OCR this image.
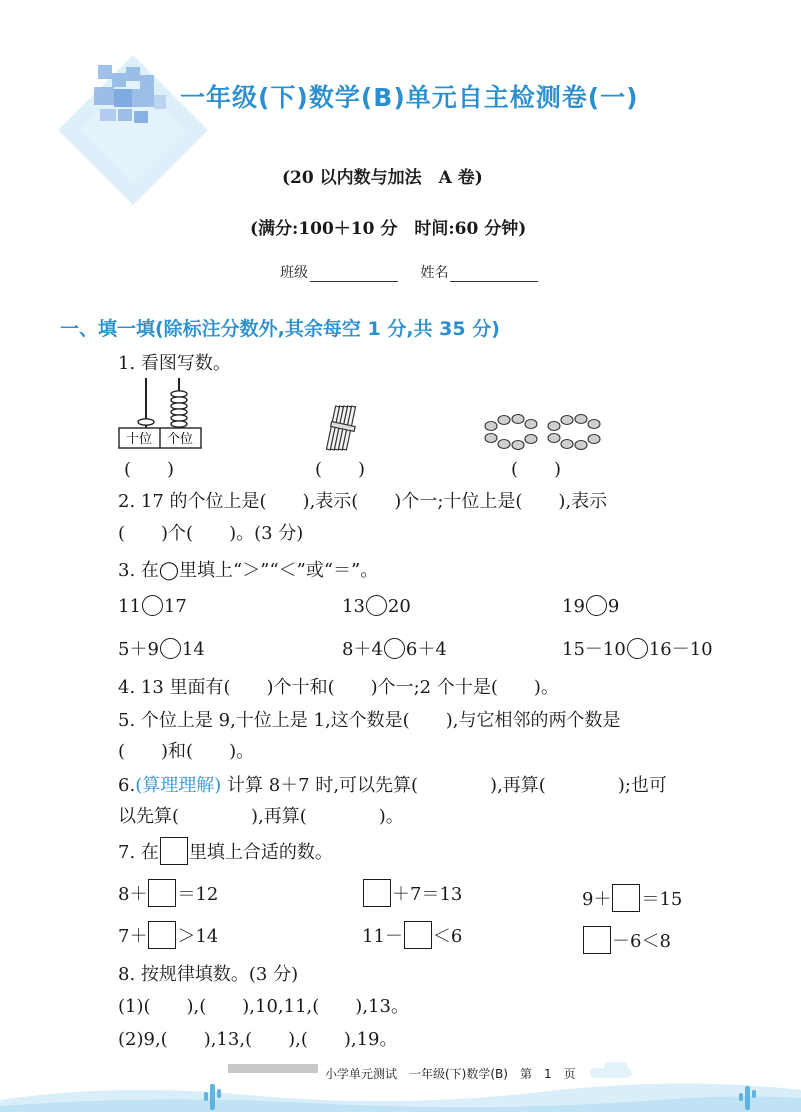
一年级(下)数学(B)单元自主检测卷(一)
(20 以内数与加法　A 卷)
(满分:100＋10 分　时间:60 分钟)
班级	姓名
一、填一填(除标注分数外,其余每空 1 分,共 35 分)
1. 看图写数。
十位 个位
(　　)	(　　)	(　　)
2. 17 的个位上是(　　),表示(　　)个一;十位上是(　　),表示
(　　)个(　　)。(3 分)
3. 在◯里填上“＞”“＜”或“＝”。
11 17	13 20	19 9
5＋9 14	8＋4 6＋4	15－10 16－10
4. 13 里面有(　　)个十和(　　)个一;2 个十是(　　)。
5. 个位上是 9,十位上是 1,这个数是(　　),与它相邻的两个数是
(　　)和(　　)。
6.(算理理解) 计算 8＋7 时,可以先算(　　　　),再算(　　　　);也可
以先算(　　　　),再算(　　　　)。
7. 在 里填上合适的数。
8＋ ＝12	＋7＝13	9＋ ＝15
7＋ ＞14	11－ ＜6	－6＜8
8. 按规律填数。(3 分)
(1)(　　),(　　),10,11,(　　),13。
(2)9,(　　),13,(　　),(　　),19。
小学单元测试　一年级(下)数学(B)　第　1　页
